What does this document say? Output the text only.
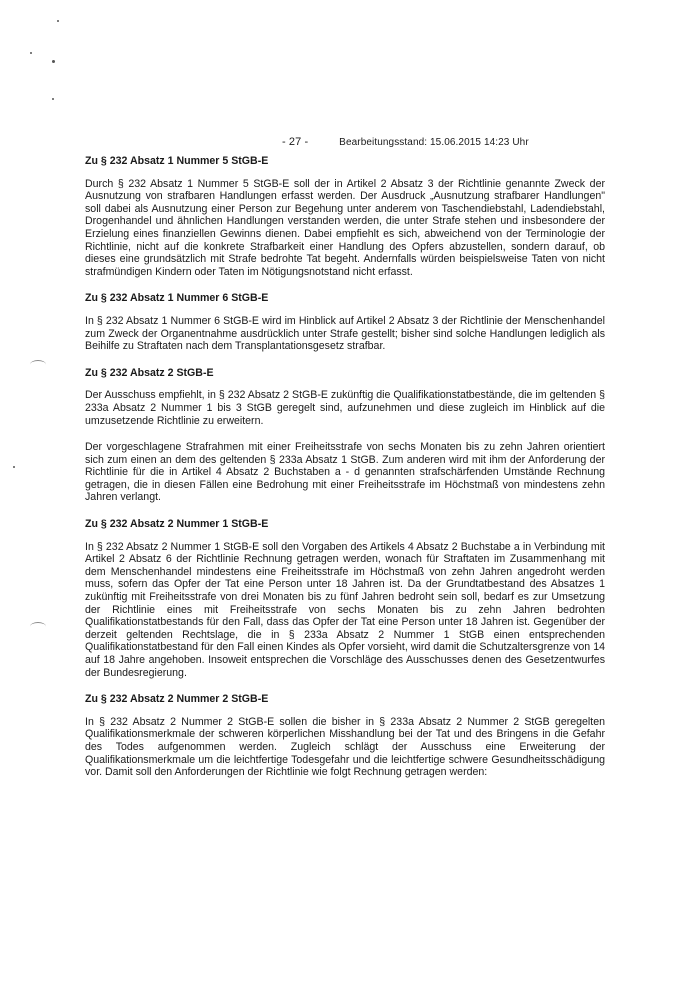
- 27 -	Bearbeitungsstand: 15.06.2015 14:23 Uhr
Zu § 232 Absatz 1 Nummer 5 StGB-E

Durch § 232 Absatz 1 Nummer 5 StGB-E soll der in Artikel 2 Absatz 3 der Richtlinie genannte Zweck der Ausnutzung von strafbaren Handlungen erfasst werden. Der Ausdruck „Ausnutzung strafbarer Handlungen" soll dabei als Ausnutzung einer Person zur Begehung unter anderem von Taschendiebstahl, Ladendiebstahl, Drogenhandel und ähnlichen Handlungen verstanden werden, die unter Strafe stehen und insbesondere der Erzielung eines finanziellen Gewinns dienen. Dabei empfiehlt es sich, abweichend von der Terminologie der Richtlinie, nicht auf die konkrete Strafbarkeit einer Handlung des Opfers abzustellen, sondern darauf, ob dieses eine grundsätzlich mit Strafe bedrohte Tat begeht. Andernfalls würden beispielsweise Taten von nicht strafmündigen Kindern oder Taten im Nötigungsnotstand nicht erfasst.

Zu § 232 Absatz 1 Nummer 6 StGB-E

In § 232 Absatz 1 Nummer 6 StGB-E wird im Hinblick auf Artikel 2 Absatz 3 der Richtlinie der Menschenhandel zum Zweck der Organentnahme ausdrücklich unter Strafe gestellt; bisher sind solche Handlungen lediglich als Beihilfe zu Straftaten nach dem Transplantationsgesetz strafbar.

Zu § 232 Absatz 2 StGB-E

Der Ausschuss empfiehlt, in § 232 Absatz 2 StGB-E zukünftig die Qualifikationstatbestände, die im geltenden § 233a Absatz 2 Nummer 1 bis 3 StGB geregelt sind, aufzunehmen und diese zugleich im Hinblick auf die umzusetzende Richtlinie zu erweitern.

Der vorgeschlagene Strafrahmen mit einer Freiheitsstrafe von sechs Monaten bis zu zehn Jahren orientiert sich zum einen an dem des geltenden § 233a Absatz 1 StGB. Zum anderen wird mit ihm der Anforderung der Richtlinie für die in Artikel 4 Absatz 2 Buchstaben a - d genannten strafschärfenden Umstände Rechnung getragen, die in diesen Fällen eine Bedrohung mit einer Freiheitsstrafe im Höchstmaß von mindestens zehn Jahren verlangt.

Zu § 232 Absatz 2 Nummer 1 StGB-E

In § 232 Absatz 2 Nummer 1 StGB-E soll den Vorgaben des Artikels 4 Absatz 2 Buchstabe a in Verbindung mit Artikel 2 Absatz 6 der Richtlinie Rechnung getragen werden, wonach für Straftaten im Zusammenhang mit dem Menschenhandel mindestens eine Freiheitsstrafe im Höchstmaß von zehn Jahren angedroht werden muss, sofern das Opfer der Tat eine Person unter 18 Jahren ist. Da der Grundtatbestand des Absatzes 1 zukünftig mit Freiheitsstrafe von drei Monaten bis zu fünf Jahren bedroht sein soll, bedarf es zur Umsetzung der Richtlinie eines mit Freiheitsstrafe von sechs Monaten bis zu zehn Jahren bedrohten Qualifikationstatbestands für den Fall, dass das Opfer der Tat eine Person unter 18 Jahren ist. Gegenüber der derzeit geltenden Rechtslage, die in § 233a Absatz 2 Nummer 1 StGB einen entsprechenden Qualifikationstatbestand für den Fall einen Kindes als Opfer vorsieht, wird damit die Schutzaltersgrenze von 14 auf 18 Jahre angehoben. Insoweit entsprechen die Vorschläge des Ausschusses denen des Gesetzentwurfes der Bundesregierung.

Zu § 232 Absatz 2 Nummer 2 StGB-E

In § 232 Absatz 2 Nummer 2 StGB-E sollen die bisher in § 233a Absatz 2 Nummer 2 StGB geregelten Qualifikationsmerkmale der schweren körperlichen Misshandlung bei der Tat und des Bringens in die Gefahr des Todes aufgenommen werden. Zugleich schlägt der Ausschuss eine Erweiterung der Qualifikationsmerkmale um die leichtfertige Todesgefahr und die leichtfertige schwere Gesundheitsschädigung vor. Damit soll den Anforderungen der Richtlinie wie folgt Rechnung getragen werden:
